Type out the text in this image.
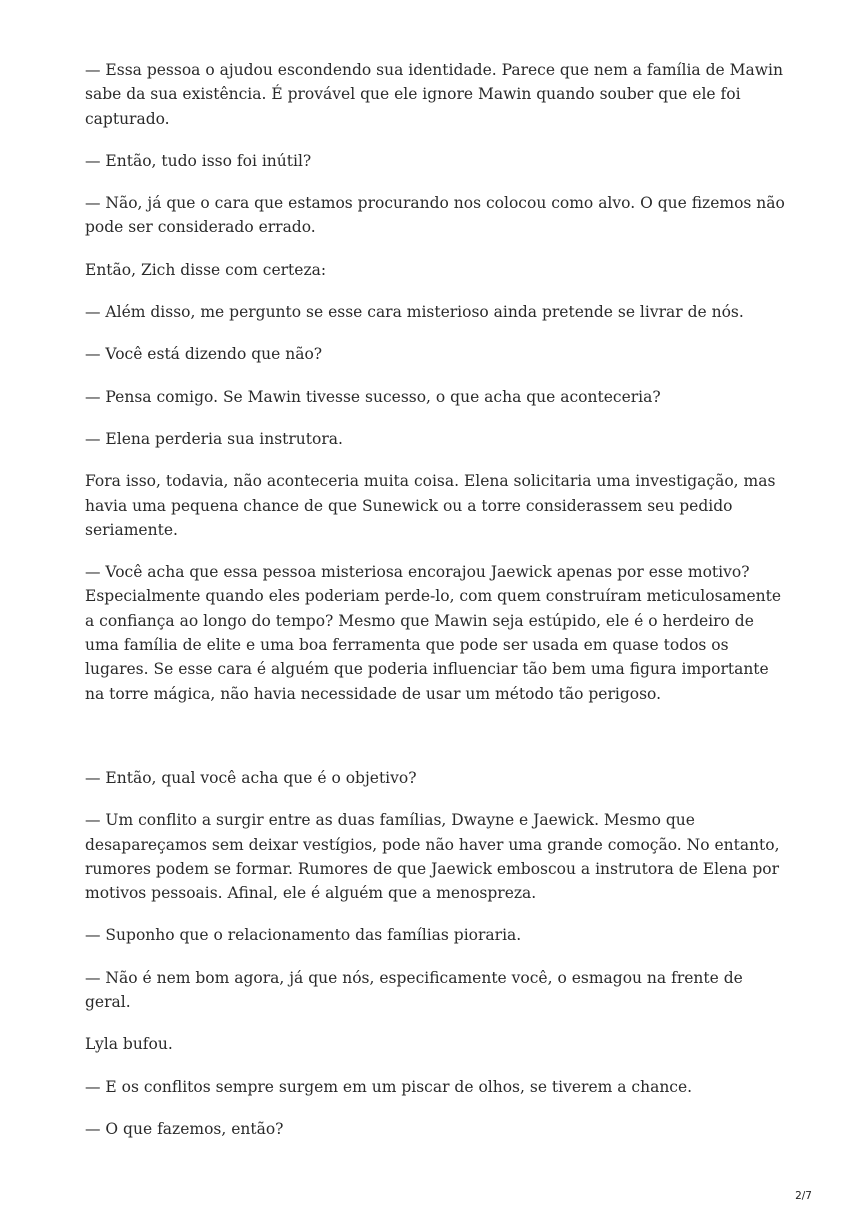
— Essa pessoa o ajudou escondendo sua identidade. Parece que nem a família de Mawin sabe da sua existência. É provável que ele ignore Mawin quando souber que ele foi capturado.

— Então, tudo isso foi inútil?

— Não, já que o cara que estamos procurando nos colocou como alvo. O que fizemos não pode ser considerado errado.

Então, Zich disse com certeza:

— Além disso, me pergunto se esse cara misterioso ainda pretende se livrar de nós.

— Você está dizendo que não?

— Pensa comigo. Se Mawin tivesse sucesso, o que acha que aconteceria?

— Elena perderia sua instrutora.

Fora isso, todavia, não aconteceria muita coisa. Elena solicitaria uma investigação, mas havia uma pequena chance de que Sunewick ou a torre considerassem seu pedido seriamente.

— Você acha que essa pessoa misteriosa encorajou Jaewick apenas por esse motivo? Especialmente quando eles poderiam perde-lo, com quem construíram meticulosamente a confiança ao longo do tempo? Mesmo que Mawin seja estúpido, ele é o herdeiro de uma família de elite e uma boa ferramenta que pode ser usada em quase todos os lugares. Se esse cara é alguém que poderia influenciar tão bem uma figura importante na torre mágica, não havia necessidade de usar um método tão perigoso.

— Então, qual você acha que é o objetivo?

— Um conflito a surgir entre as duas famílias, Dwayne e Jaewick. Mesmo que desapareçamos sem deixar vestígios, pode não haver uma grande comoção. No entanto, rumores podem se formar. Rumores de que Jaewick emboscou a instrutora de Elena por motivos pessoais. Afinal, ele é alguém que a menospreza.

— Suponho que o relacionamento das famílias pioraria.

— Não é nem bom agora, já que nós, especificamente você, o esmagou na frente de geral.

Lyla bufou.

— E os conflitos sempre surgem em um piscar de olhos, se tiverem a chance.

— O que fazemos, então?

2/7
